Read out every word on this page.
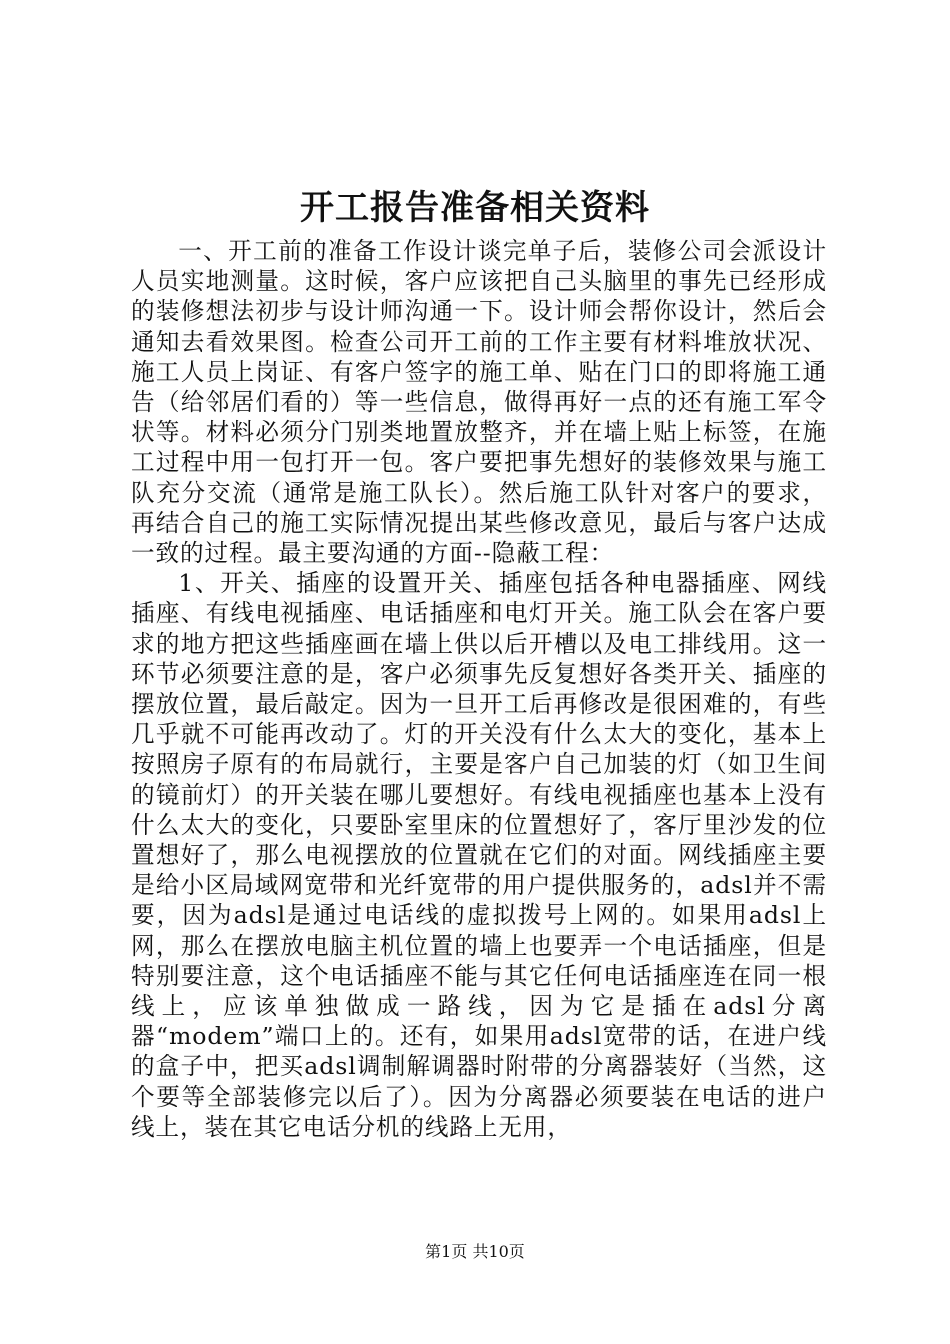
开工报告准备相关资料

一、开工前的准备工作设计谈完单子后，装修公司会派设计人员实地测量。这时候，客户应该把自己头脑里的事先已经形成的装修想法初步与设计师沟通一下。设计师会帮你设计，然后会通知去看效果图。检查公司开工前的工作主要有材料堆放状况、施工人员上岗证、有客户签字的施工单、贴在门口的即将施工通告（给邻居们看的）等一些信息，做得再好一点的还有施工军令状等。材料必须分门别类地置放整齐，并在墙上贴上标签，在施工过程中用一包打开一包。客户要把事先想好的装修效果与施工队充分交流（通常是施工队长）。然后施工队针对客户的要求，再结合自己的施工实际情况提出某些修改意见，最后与客户达成一致的过程。最主要沟通的方面--隐蔽工程：

1、开关、插座的设置开关、插座包括各种电器插座、网线插座、有线电视插座、电话插座和电灯开关。施工队会在客户要求的地方把这些插座画在墙上供以后开槽以及电工排线用。这一环节必须要注意的是，客户必须事先反复想好各类开关、插座的摆放位置，最后敲定。因为一旦开工后再修改是很困难的，有些几乎就不可能再改动了。灯的开关没有什么太大的变化，基本上按照房子原有的布局就行，主要是客户自己加装的灯（如卫生间的镜前灯）的开关装在哪儿要想好。有线电视插座也基本上没有什么太大的变化，只要卧室里床的位置想好了，客厅里沙发的位置想好了，那么电视摆放的位置就在它们的对面。网线插座主要是给小区局域网宽带和光纤宽带的用户提供服务的，adsl并不需要，因为adsl是通过电话线的虚拟拨号上网的。如果用adsl上网，那么在摆放电脑主机位置的墙上也要弄一个电话插座，但是特别要注意，这个电话插座不能与其它任何电话插座连在同一根线上，应该单独做成一路线，因为它是插在adsl分离器“modem”端口上的。还有，如果用adsl宽带的话，在进户线的盒子中，把买adsl调制解调器时附带的分离器装好（当然，这个要等全部装修完以后了）。因为分离器必须要装在电话的进户线上，装在其它电话分机的线路上无用，

第1页 共10页
